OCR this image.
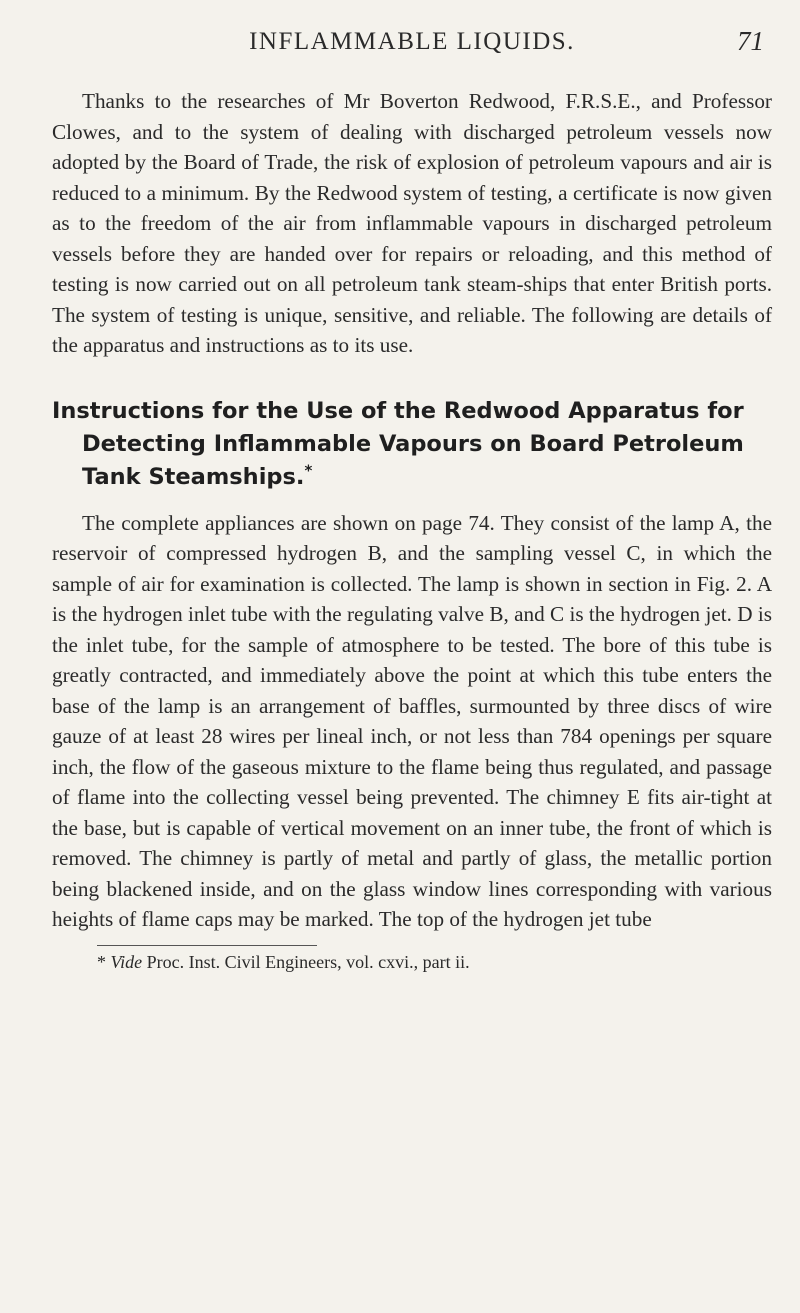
INFLAMMABLE LIQUIDS.	71

Thanks to the researches of Mr Boverton Redwood, F.R.S.E., and Professor Clowes, and to the system of dealing with discharged petroleum vessels now adopted by the Board of Trade, the risk of explosion of petroleum vapours and air is reduced to a minimum. By the Redwood system of testing, a certificate is now given as to the freedom of the air from inflammable vapours in discharged petroleum vessels before they are handed over for repairs or reloading, and this method of testing is now carried out on all petroleum tank steam-ships that enter British ports. The system of testing is unique, sensitive, and reliable. The following are details of the apparatus and instructions as to its use.

Instructions for the Use of the Redwood Apparatus for Detecting Inflammable Vapours on Board Petroleum Tank Steamships.*

The complete appliances are shown on page 74. They consist of the lamp A, the reservoir of compressed hydrogen B, and the sampling vessel C, in which the sample of air for examination is collected. The lamp is shown in section in Fig. 2. A is the hydrogen inlet tube with the regulating valve B, and C is the hydrogen jet. D is the inlet tube, for the sample of atmosphere to be tested. The bore of this tube is greatly contracted, and immediately above the point at which this tube enters the base of the lamp is an arrangement of baffles, surmounted by three discs of wire gauze of at least 28 wires per lineal inch, or not less than 784 openings per square inch, the flow of the gaseous mixture to the flame being thus regulated, and passage of flame into the collecting vessel being prevented. The chimney E fits air-tight at the base, but is capable of vertical movement on an inner tube, the front of which is removed. The chimney is partly of metal and partly of glass, the metallic portion being blackened inside, and on the glass window lines corresponding with various heights of flame caps may be marked. The top of the hydrogen jet tube

* Vide Proc. Inst. Civil Engineers, vol. cxvi., part ii.
